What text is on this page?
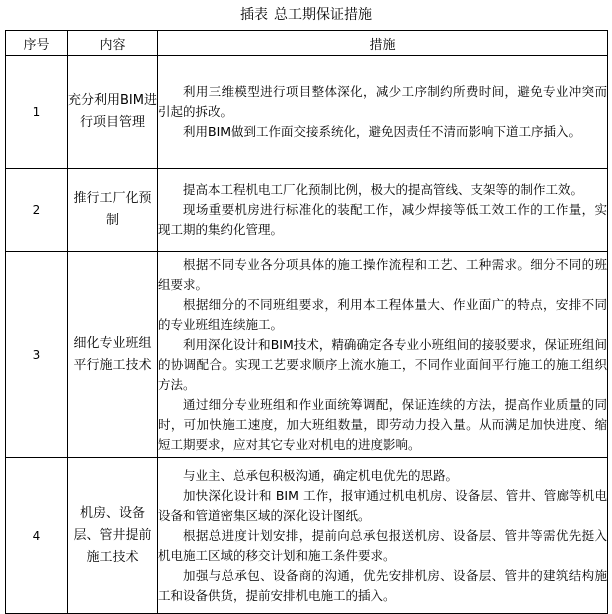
插表 总工期保证措施
序号	内容	措施
1	充分利用BIM进行项目管理	利用三维模型进行项目整体深化，减少工序制约所费时间，避免专业冲突而引起的拆改。

利用BIM做到工作面交接系统化，避免因责任不清而影响下道工序插入。

2	推行工厂化预制	提高本工程机电工厂化预制比例，极大的提高管线、支架等的制作工效。

现场重要机房进行标准化的装配工作，减少焊接等低工效工作的工作量，实现工期的集约化管理。

3	细化专业班组平行施工技术	根据不同专业各分项具体的施工操作流程和工艺、工种需求。细分不同的班组要求。

根据细分的不同班组要求，利用本工程体量大、作业面广的特点，安排不同的专业班组连续施工。

利用深化设计和BIM技术，精确确定各专业小班组间的接驳要求，保证班组间的协调配合。实现工艺要求顺序上流水施工，不同作业面间平行施工的施工组织方法。

通过细分专业班组和作业面统筹调配，保证连续的方法，提高作业质量的同时，可加快施工速度，加大班组数量，即劳动力投入量。从而满足加快进度、缩短工期要求，应对其它专业对机电的进度影响。

4	机房、设备层、管井提前施工技术	与业主、总承包积极沟通，确定机电优先的思路。

加快深化设计和 BIM 工作，报审通过机电机房、设备层、管井、管廊等机电设备和管道密集区域的深化设计图纸。

根据总进度计划安排，提前向总承包报送机房、设备层、管井等需优先挺入机电施工区域的移交计划和施工条件要求。

加强与总承包、设备商的沟通，优先安排机房、设备层、管井的建筑结构施工和设备供货，提前安排机电施工的插入。
